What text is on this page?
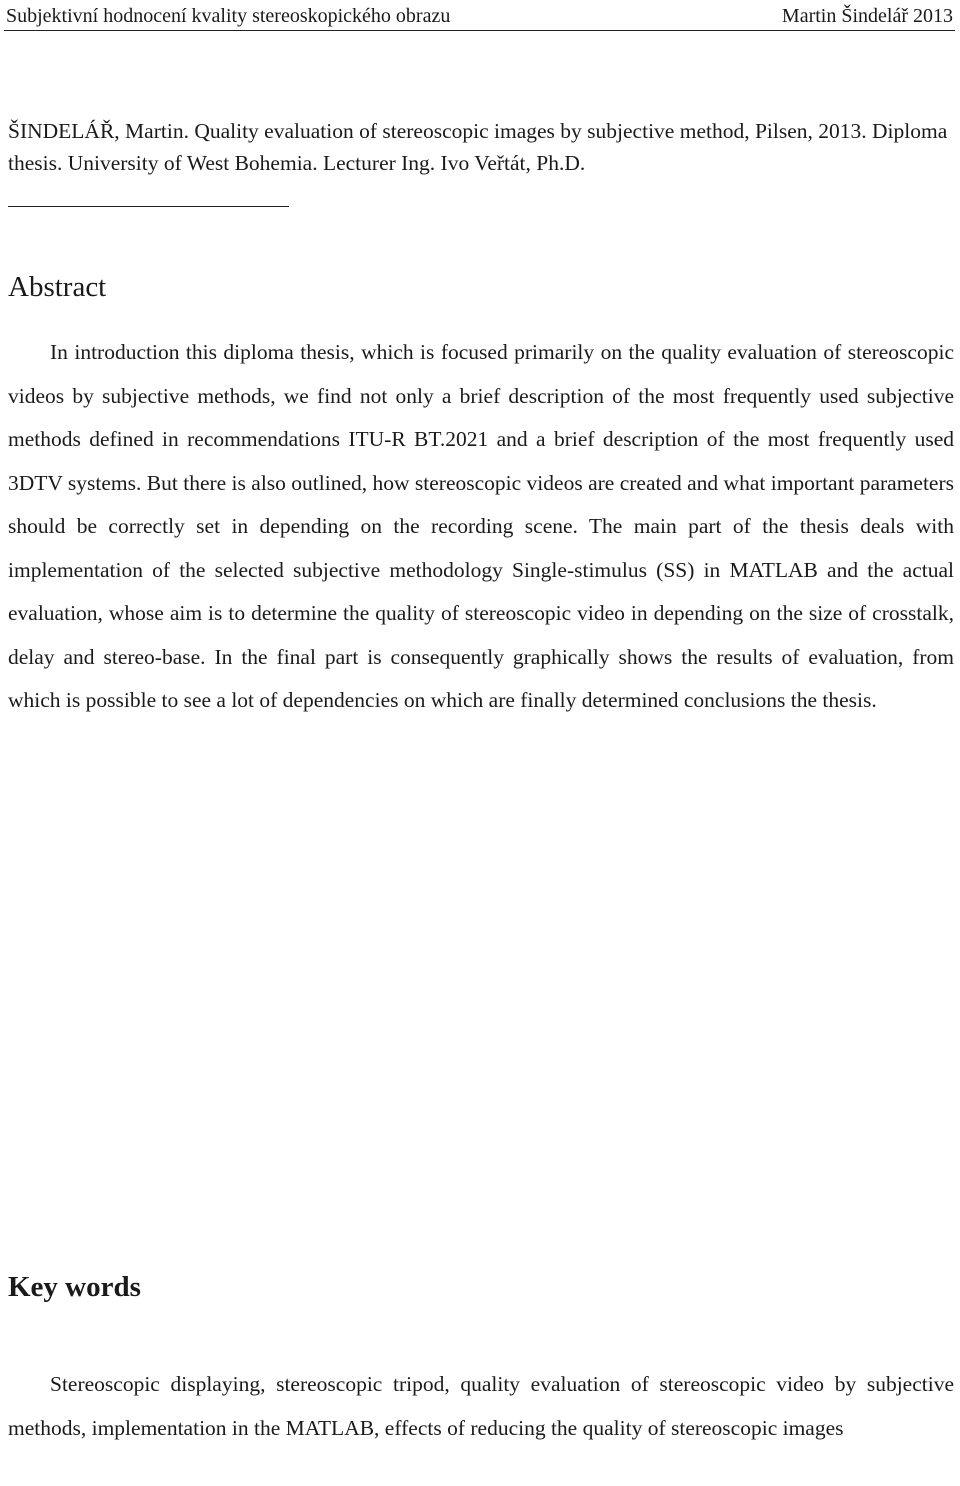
Subjektivní hodnocení kvality stereoskopického obrazu	Martin Šindelář 2013

ŠINDELÁŘ, Martin. Quality evaluation of stereoscopic images by subjective method, Pilsen, 2013. Diploma thesis. University of West Bohemia. Lecturer Ing. Ivo Veřtát, Ph.D.

Abstract

In introduction this diploma thesis, which is focused primarily on the quality evaluation of stereoscopic videos by subjective methods, we find not only a brief description of the most frequently used subjective methods defined in recommendations ITU-R BT.2021 and a brief description of the most frequently used 3DTV systems. But there is also outlined, how stereoscopic videos are created and what important parameters should be correctly set in depending on the recording scene. The main part of the thesis deals with implementation of the selected subjective methodology Single-stimulus (SS) in MATLAB and the actual evaluation, whose aim is to determine the quality of stereoscopic video in depending on the size of crosstalk, delay and stereo-base. In the final part is consequently graphically shows the results of evaluation, from which is possible to see a lot of dependencies on which are finally determined conclusions the thesis.

Key words

Stereoscopic displaying, stereoscopic tripod, quality evaluation of stereoscopic video by subjective methods, implementation in the MATLAB, effects of reducing the quality of stereoscopic images
